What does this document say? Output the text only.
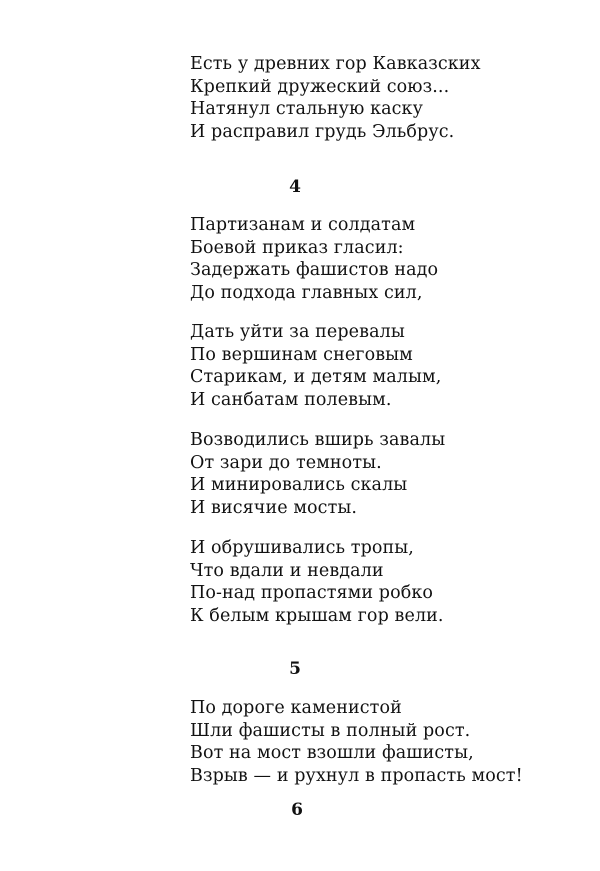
Есть у древних гор Кавказских
Крепкий дружеский союз...
Натянул стальную каску
И расправил грудь Эльбрус.
4
Партизанам и солдатам
Боевой приказ гласил:
Задержать фашистов надо
До подхода главных сил,
Дать уйти за перевалы
По вершинам снеговым
Старикам, и детям малым,
И санбатам полевым.
Возводились вширь завалы
От зари до темноты.
И минировались скалы
И висячие мосты.
И обрушивались тропы,
Что вдали и невдали
По-над пропастями робко
К белым крышам гор вели.
5
По дороге каменистой
Шли фашисты в полный рост.
Вот на мост взошли фашисты,
Взрыв — и рухнул в пропасть мост!
6
